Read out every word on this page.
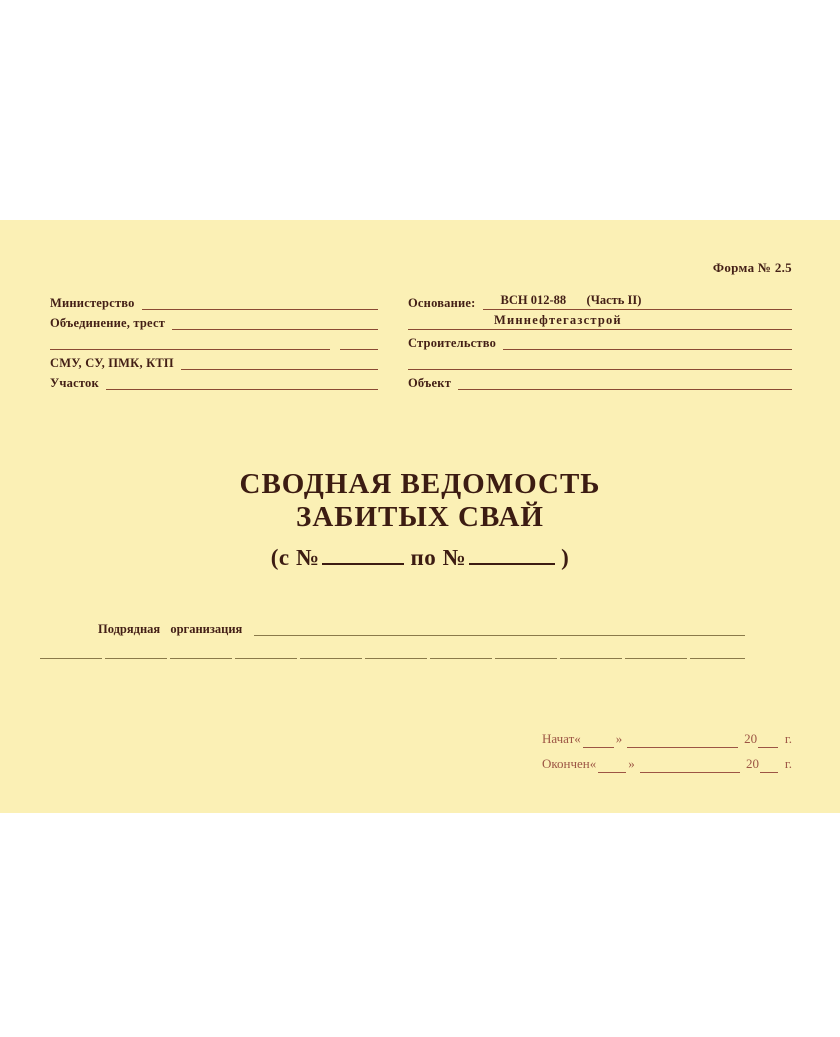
Форма № 2.5
Министерство
Объединение, трест
СМУ, СУ, ПМК, КТП
Участок
Основание: ВСН 012-88 (Часть II)
Миннефтегазстрой
Строительство
Объект
СВОДНАЯ ВЕДОМОСТЬ
ЗАБИТЫХ СВАЙ
(с №	по №	)
Подрядная организация
Начат «	»	20 г.
Окончен « »	20 г.
